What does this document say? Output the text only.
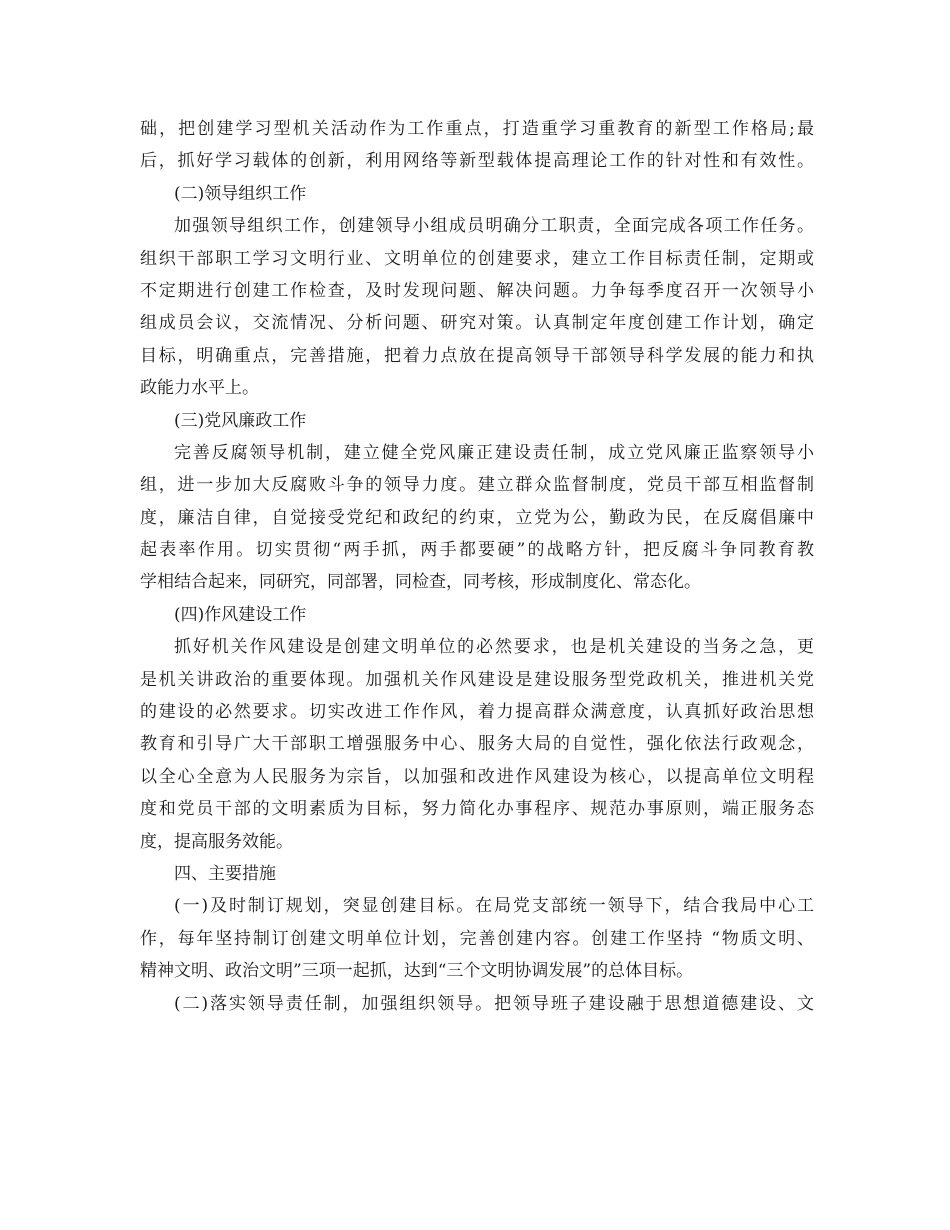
础，把创建学习型机关活动作为工作重点，打造重学习重教育的新型工作格局;最
后，抓好学习载体的创新，利用网络等新型载体提高理论工作的针对性和有效性。
(二)领导组织工作
加强领导组织工作，创建领导小组成员明确分工职责，全面完成各项工作任务。
组织干部职工学习文明行业、文明单位的创建要求，建立工作目标责任制，定期或
不定期进行创建工作检查，及时发现问题、解决问题。力争每季度召开一次领导小
组成员会议，交流情况、分析问题、研究对策。认真制定年度创建工作计划，确定
目标，明确重点，完善措施，把着力点放在提高领导干部领导科学发展的能力和执
政能力水平上。
(三)党风廉政工作
完善反腐领导机制，建立健全党风廉正建设责任制，成立党风廉正监察领导小
组，进一步加大反腐败斗争的领导力度。建立群众监督制度，党员干部互相监督制
度，廉洁自律，自觉接受党纪和政纪的约束，立党为公，勤政为民，在反腐倡廉中
起表率作用。切实贯彻“两手抓，两手都要硬”的战略方针，把反腐斗争同教育教
学相结合起来，同研究，同部署，同检查，同考核，形成制度化、常态化。
(四)作风建设工作
抓好机关作风建设是创建文明单位的必然要求，也是机关建设的当务之急，更
是机关讲政治的重要体现。加强机关作风建设是建设服务型党政机关，推进机关党
的建设的必然要求。切实改进工作作风，着力提高群众满意度，认真抓好政治思想
教育和引导广大干部职工增强服务中心、服务大局的自觉性，强化依法行政观念，
以全心全意为人民服务为宗旨，以加强和改进作风建设为核心，以提高单位文明程
度和党员干部的文明素质为目标，努力简化办事程序、规范办事原则，端正服务态
度，提高服务效能。
四、主要措施
(一)及时制订规划，突显创建目标。在局党支部统一领导下，结合我局中心工
作，每年坚持制订创建文明单位计划，完善创建内容。创建工作坚持 “物质文明、
精神文明、政治文明”三项一起抓，达到“三个文明协调发展”的总体目标。
(二)落实领导责任制，加强组织领导。把领导班子建设融于思想道德建设、文
